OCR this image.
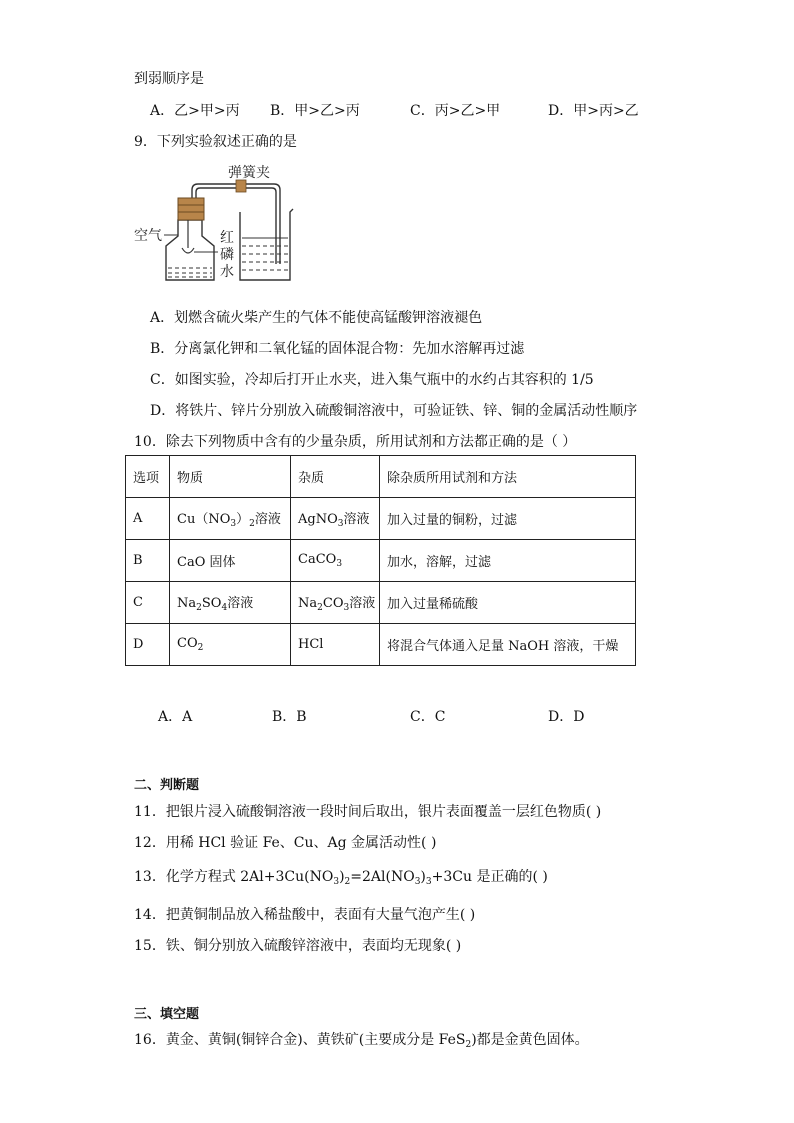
到弱顺序是
A．乙>甲>丙 B．甲>乙>丙	C．丙>乙>甲	D．甲>丙>乙
9．下列实验叙述正确的是
弹簧夹
空气	红
磷
水
A．划燃含硫火柴产生的气体不能使高锰酸钾溶液褪色
B．分离氯化钾和二氧化锰的固体混合物：先加水溶解再过滤
C．如图实验，冷却后打开止水夹，进入集气瓶中的水约占其容积的 1/5
D．将铁片、锌片分别放入硫酸铜溶液中，可验证铁、锌、铜的金属活动性顺序
10．除去下列物质中含有的少量杂质，所用试剂和方法都正确的是（ ）
选项	物质	杂质	除杂质所用试剂和方法
A	$Cu(NO_3)_2$溶液	AgNO$_3$溶液	加入过量的铜粉，过滤
B	CaO 固体	CaCO$_3$	加水，溶解，过滤
C	$Na_2SO_4$溶液	$Na_2CO_3$溶液	加入过量稀硫酸
D	$CO_2$	HCl	将混合气体通入足量 NaOH 溶液，干燥
A．A	B．B	C．C	D．D
二、判断题
11．把银片浸入硫酸铜溶液一段时间后取出，银片表面覆盖一层红色物质( )
12．用稀 HCl 验证 Fe、Cu、Ag 金属活动性( )
13．化学方程式 $2Al+3Cu(NO_3)_2=2Al(NO_3)_3+3Cu$ 是正确的( )
14．把黄铜制品放入稀盐酸中，表面有大量气泡产生( )
15．铁、铜分别放入硫酸锌溶液中，表面均无现象( )
三、填空题
16．黄金、黄铜(铜锌合金)、黄铁矿(主要成分是 FeS$_2$)都是金黄色固体。
